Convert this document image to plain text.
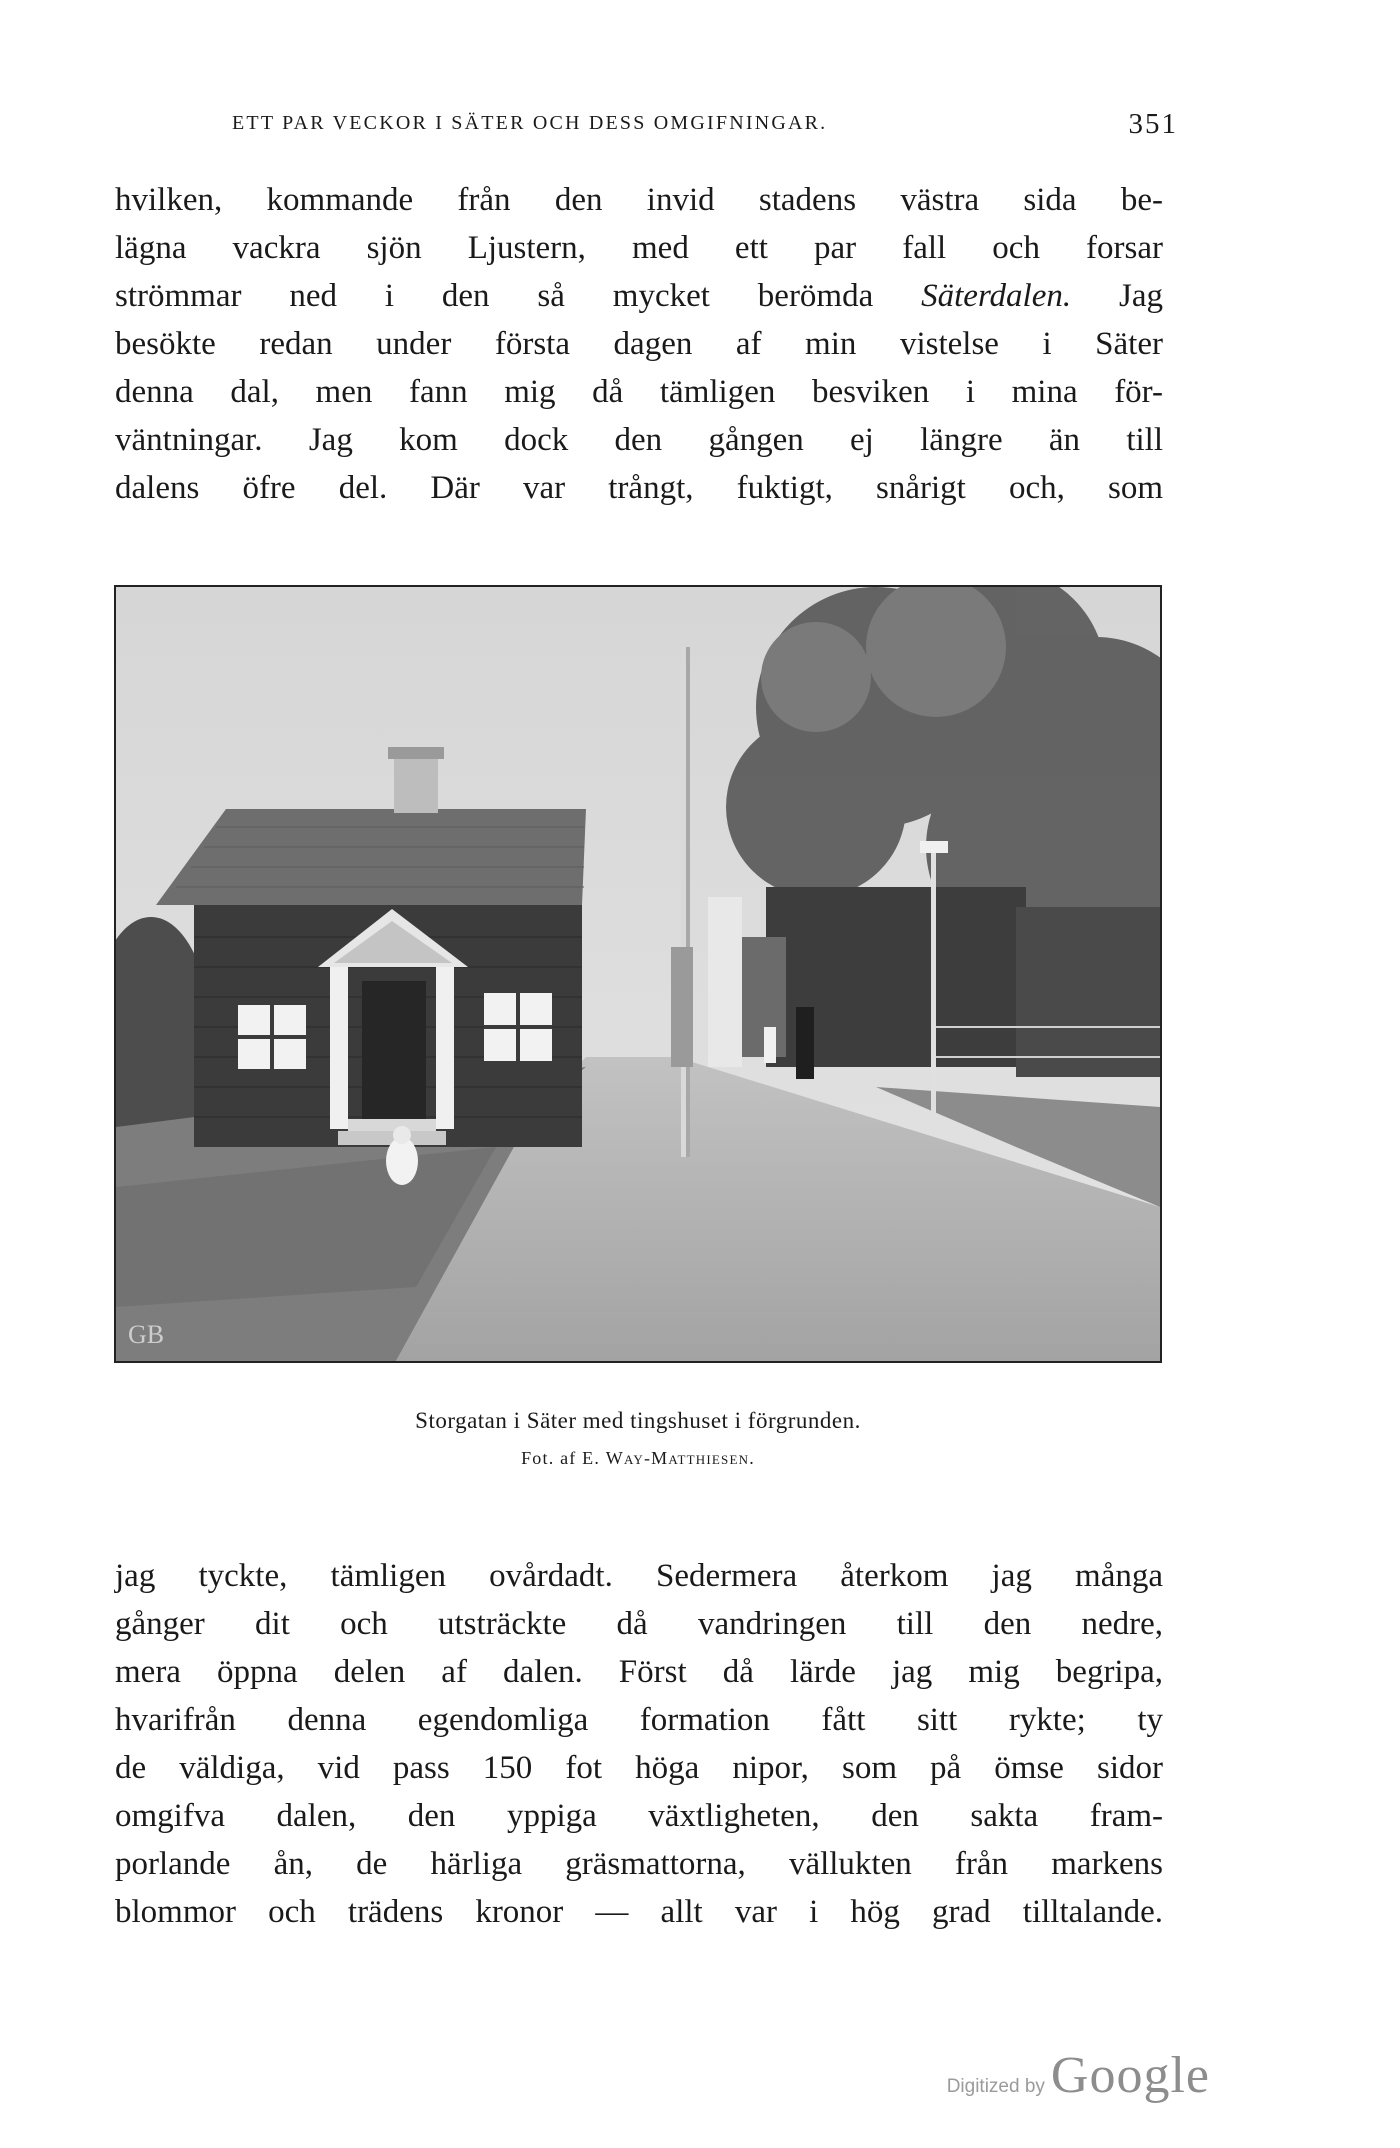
ETT PAR VECKOR I SÄTER OCH DESS OMGIFNINGAR.	351
hvilken, kommande från den invid stadens västra sida be-
lägna vackra sjön Ljustern, med ett par fall och forsar
strömmar ned i den så mycket berömda Säterdalen. Jag
besökte redan under första dagen af min vistelse i Säter
denna dal, men fann mig då tämligen besviken i mina för-
väntningar. Jag kom dock den gången ej längre än till
dalens öfre del. Där var trångt, fuktigt, snårigt och, som
GB
Storgatan i Säter med tingshuset i förgrunden.
Fot. af E. Way-Matthiesen.
jag tyckte, tämligen ovårdadt. Sedermera återkom jag många
gånger dit och utsträckte då vandringen till den nedre,
mera öppna delen af dalen. Först då lärde jag mig begripa,
hvarifrån denna egendomliga formation fått sitt rykte; ty
de väldiga, vid pass 150 fot höga nipor, som på ömse sidor
omgifva dalen, den yppiga växtligheten, den sakta fram-
porlande ån, de härliga gräsmattorna, vällukten från markens
blommor och trädens kronor — allt var i hög grad tilltalande.
Digitized by Google
